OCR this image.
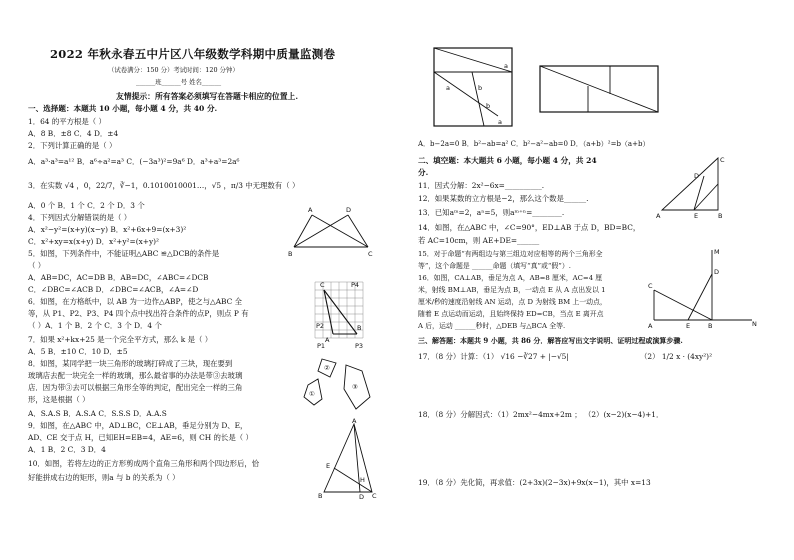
2022 年秋永春五中片区八年级数学科期中质量监测卷
（试卷满分：150 分）考试时间：120 分钟）
______班______号 姓名______
友情提示：所有答案必须填写在答题卡相应的位置上.
一、选择题：本题共 10 小题，每小题 4 分，共 40 分.
1．64 的平方根是（ ）
A．8 B．±8 C．4 D．±4
2．下列计算正确的是（ ）
A．a³·a³=a¹² B．a⁶÷a²=a³ C．(−3a³)²=9a⁶ D．a³+a³=2a⁶
3．在实数 √4 ，0，22/7，∛−1，0.1010010001…，√5 ，π/3 中无理数有（ ）
A．0 个 B．1 个 C．2 个 D．3 个
4．下列因式分解错误的是（ ）
A．x²−y²=(x+y)(x−y) B．x²+6x+9=(x+3)²
C．x²+xy=x(x+y) D．x²+y²=(x+y)²
5．如图，下列条件中，不能证明△ABC ≌△DCB的条件是
（ ）
A．AB=DC，AC=DB B．AB=DC，∠ABC=∠DCB
C．∠DBC=∠ACB D．∠DBC=∠ACB，∠A=∠D
6．如图，在方格纸中，以 AB 为一边作△ABP，使之与△ABC 全
等，从 P1、P2、P3、P4 四个点中找出符合条件的点P，则点 P 有
（ ）A．1 个 B．2 个 C．3 个 D．4 个
7．如果 x²+kx+25 是一个完全平方式，那么 k 是（ ）
A．5 B．±10 C．10 D．±5
8．如图，某同学把一块三角形的玻璃打碎成了三块，现在要到
玻璃店去配一块完全一样的玻璃，那么最省事的办法是带③去玻璃
店．因为带③去可以根据三角形全等的判定，配出完全一样的三角
形，这是根据（ ）
A．S.A.S B．A.S.A C．S.S.S D．A.A.S
9．如图，在△ABC 中，AD⊥BC，CE⊥AB，垂足分别为 D、E，
AD、CE 交于点 H，已知EH=EB=4，AE=6，则 CH 的长是（ ）
A．1 B．2 C．3 D．4
10．如图，若将左边的正方形剪成两个直角三角形和两个四边形后，恰
好能拼成右边的矩形，则a 与 b 的关系为（ ）
A	D
B	C
C	P4
A
B
P2
P1	P3
②
①
③
A
E
H
B	D C
a
a	b
b
a
A．b−2a=0 B．b²−ab=a² C．b²−a²−ab=0 D．（a+b）²=b（a+b）
二、填空题：本大题共 6 小题，每小题 4 分，共 24
分.
11．因式分解：2x²−6x=__________.
12．如果某数的立方根是−2，那么这个数是______.
13．已知aᵐ=2，aⁿ=5，则aᵐ⁺ⁿ=________.
14．如图，在△ABC 中，∠C=90°，ED⊥AB 于点 D，BD=BC，
若 AC=10cm，则 AE+DE=______
15．对于命题“有两组边与第三组边对应相等的两个三角形全
等”，这个命题是 ______命题（填写“真”或“假”）.
16．如图，CA⊥AB，垂足为点 A，AB=8 厘米，AC=4 厘
米，射线 BM⊥AB，垂足为点 B，一动点 E 从 A 点出发以 1
厘米/秒的速度沿射线 AN 运动，点 D 为射线 BM 上一动点，
随着 E 点运动而运动，且始终保持 ED=CB，当点 E 离开点
A 后，运动 ______秒时，△DEB 与△BCA 全等.
三、解答题：本题共 9 小题，共 86 分．解答应写出文字说明、证明过程或演算步骤.
17．（8 分）计算：（1） √16 −∛27 + |−√5|	（2） 1/2 x · (4xy²)²
18．（8 分）分解因式：（1）2mx²−4mx+2m ； （2）(x−2)(x−4)+1．
19．（8 分）先化简，再求值：(2+3x)(2−3x)+9x(x−1)，其中 x=13
C
A	E
D
B
M
D
C
A	E	B	N
